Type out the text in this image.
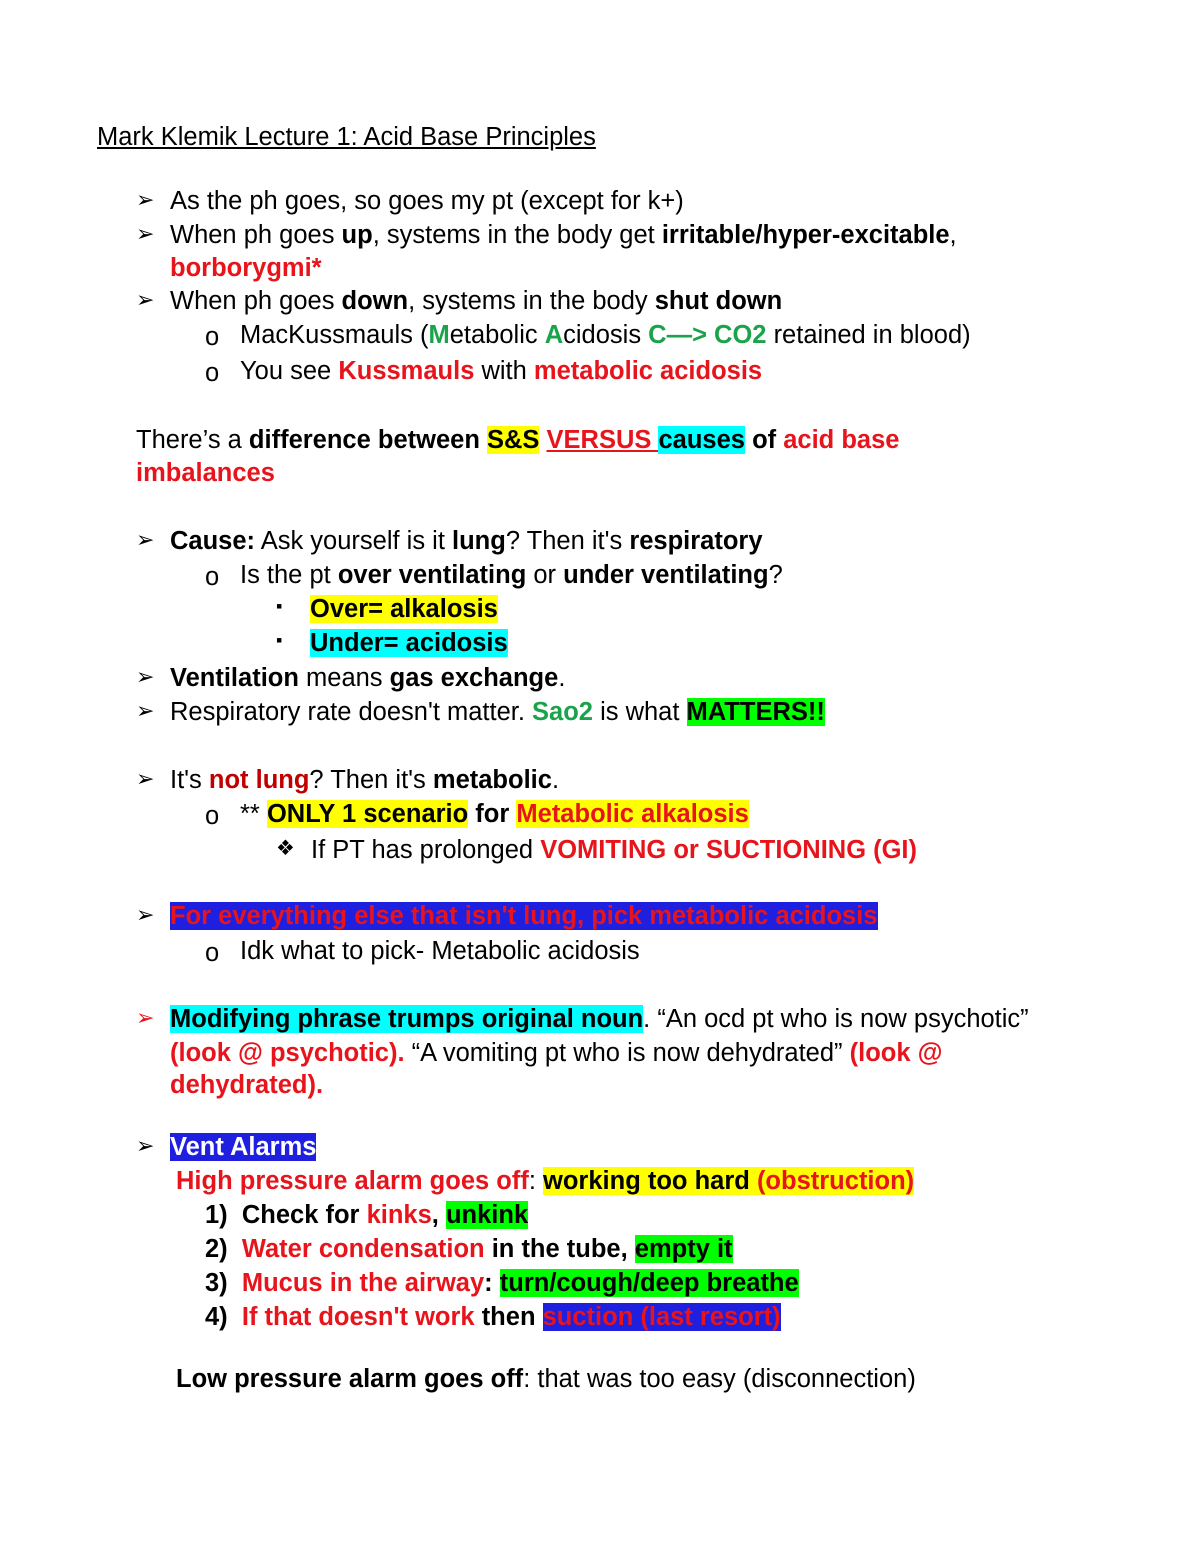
Mark Klemik Lecture 1: Acid Base Principles
➢ As the ph goes, so goes my pt (except for k+)
➢ When ph goes up, systems in the body get irritable/hyper-excitable,
borborygmi*
➢ When ph goes down, systems in the body shut down
o MacKussmauls (Metabolic Acidosis C—> CO2 retained in blood)
o You see Kussmauls with metabolic acidosis
There’s a difference between S&S VERSUS causes of acid base
imbalances
➢ Cause: Ask yourself is it lung? Then it's respiratory
o Is the pt over ventilating or under ventilating?
▪ Over= alkalosis
▪ Under= acidosis
➢ Ventilation means gas exchange.
➢ Respiratory rate doesn't matter. Sao2 is what MATTERS!!
➢ It's not lung? Then it's metabolic.
o ** ONLY 1 scenario for Metabolic alkalosis
❖ If PT has prolonged VOMITING or SUCTIONING (GI)
➢ For everything else that isn't lung, pick metabolic acidosis
o Idk what to pick- Metabolic acidosis
➢ Modifying phrase trumps original noun. “An ocd pt who is now psychotic”
(look @ psychotic). “A vomiting pt who is now dehydrated” (look @
dehydrated).
➢ Vent Alarms
High pressure alarm goes off: working too hard (obstruction)
1) Check for kinks, unkink
2) Water condensation in the tube, empty it
3) Mucus in the airway: turn/cough/deep breathe
4) If that doesn't work then suction (last resort)
Low pressure alarm goes off: that was too easy (disconnection)
